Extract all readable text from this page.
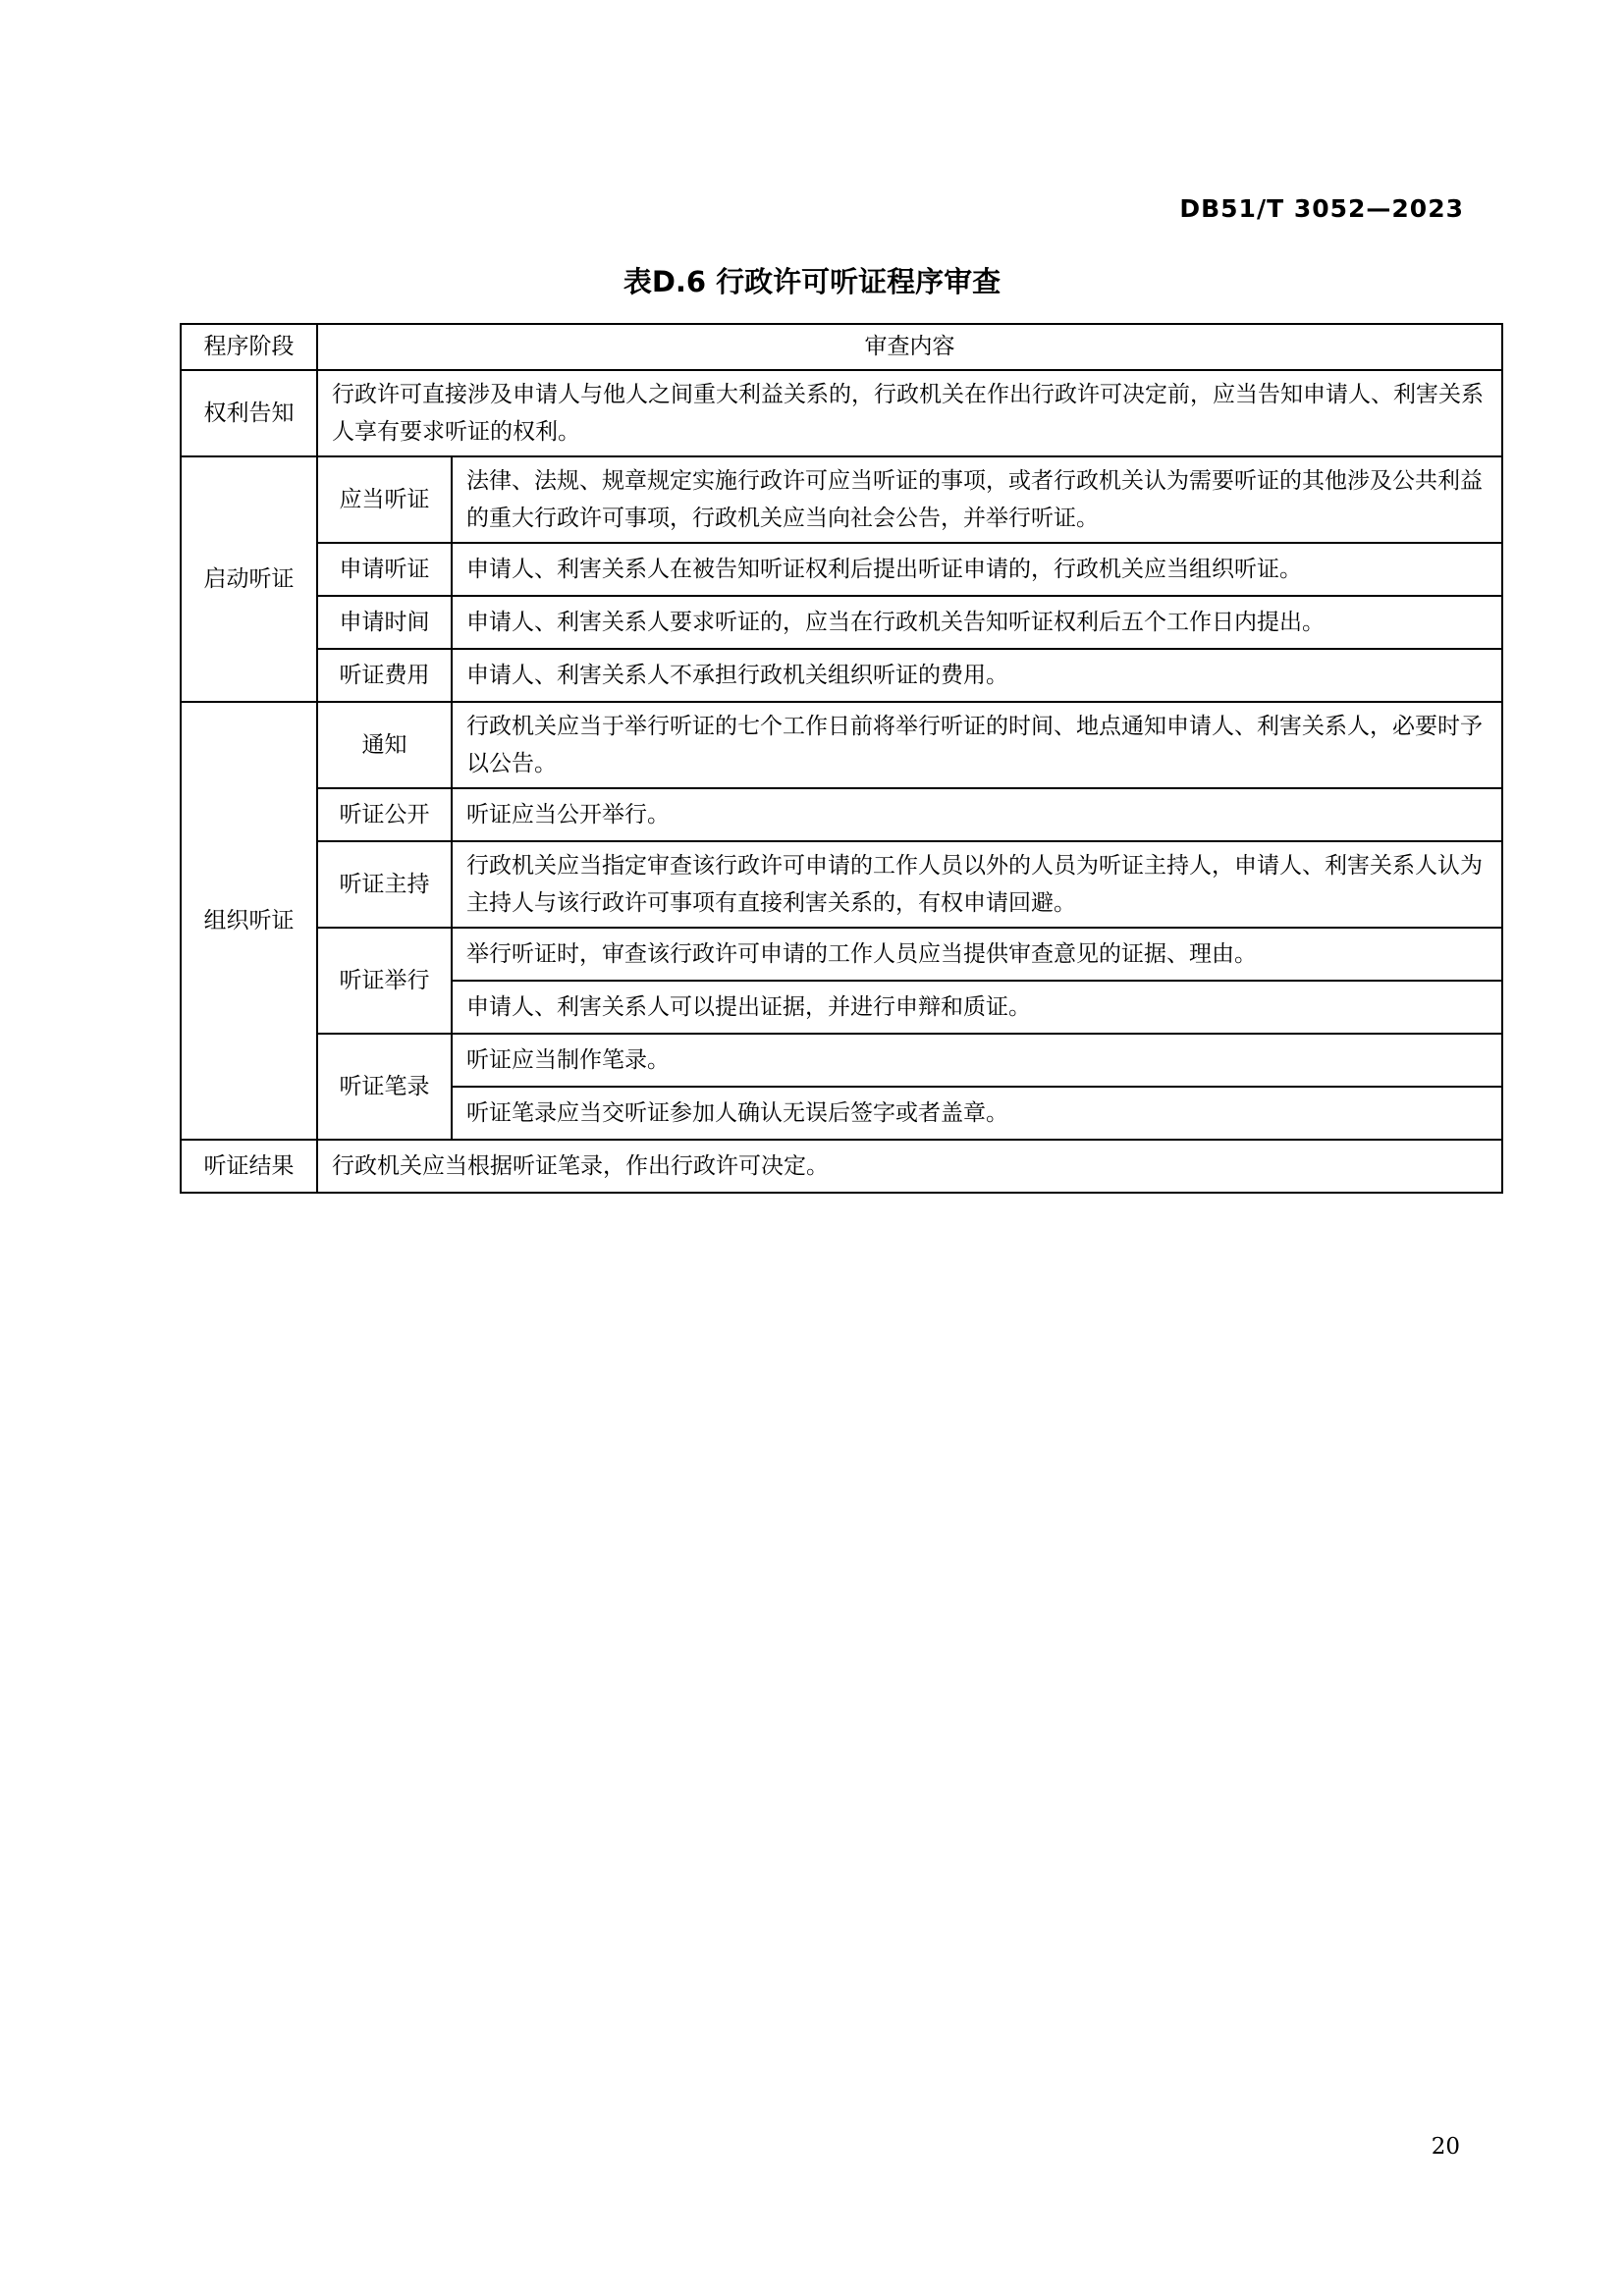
DB51/T 3052—2023
表D.6 行政许可听证程序审查
程序阶段	审查内容	
权利告知	行政许可直接涉及申请人与他人之间重大利益关系的，行政机关在作出行政许可决定前，应当告知申请人、利害关系人享有要求听证的权利。	
启动听证	应当听证	法律、法规、规章规定实施行政许可应当听证的事项，或者行政机关认为需要听证的其他涉及公共利益的重大行政许可事项，行政机关应当向社会公告，并举行听证。
	申请听证	申请人、利害关系人在被告知听证权利后提出听证申请的，行政机关应当组织听证。
	申请时间	申请人、利害关系人要求听证的，应当在行政机关告知听证权利后五个工作日内提出。
	听证费用	申请人、利害关系人不承担行政机关组织听证的费用。
组织听证	通知	行政机关应当于举行听证的七个工作日前将举行听证的时间、地点通知申请人、利害关系人，必要时予以公告。
	听证公开	听证应当公开举行。
	听证主持	行政机关应当指定审查该行政许可申请的工作人员以外的人员为听证主持人，申请人、利害关系人认为主持人与该行政许可事项有直接利害关系的，有权申请回避。
	听证举行	举行听证时，审查该行政许可申请的工作人员应当提供审查意见的证据、理由。
		申请人、利害关系人可以提出证据，并进行申辩和质证。
	听证笔录	听证应当制作笔录。
		听证笔录应当交听证参加人确认无误后签字或者盖章。
听证结果	行政机关应当根据听证笔录，作出行政许可决定。	
20
